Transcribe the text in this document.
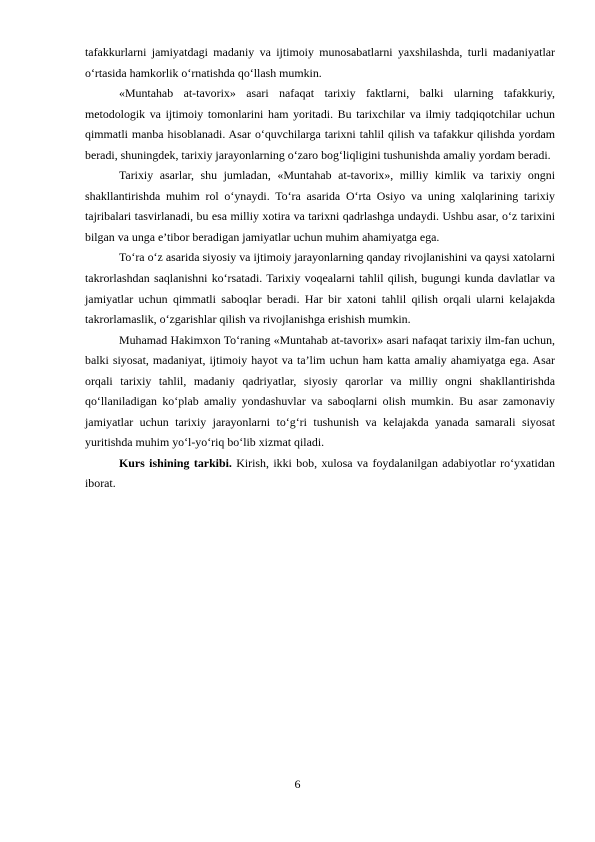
tafakkurlarni jamiyatdagi madaniy va ijtimoiy munosabatlarni yaxshilashda, turli madaniyatlar o‘rtasida hamkorlik o‘rnatishda qo‘llash mumkin.

«Muntahab at-tavorix» asari nafaqat tarixiy faktlarni, balki ularning tafakkuriy, metodologik va ijtimoiy tomonlarini ham yoritadi. Bu tarixchilar va ilmiy tadqiqotchilar uchun qimmatli manba hisoblanadi. Asar o‘quvchilarga tarixni tahlil qilish va tafakkur qilishda yordam beradi, shuningdek, tarixiy jarayonlarning o‘zaro bog‘liqligini tushunishda amaliy yordam beradi.

Tarixiy asarlar, shu jumladan, «Muntahab at-tavorix», milliy kimlik va tarixiy ongni shakllantirishda muhim rol o‘ynaydi. To‘ra asarida O‘rta Osiyo va uning xalqlarining tarixiy tajribalari tasvirlanadi, bu esa milliy xotira va tarixni qadrlashga undaydi. Ushbu asar, o‘z tarixini bilgan va unga e’tibor beradigan jamiyatlar uchun muhim ahamiyatga ega.

To‘ra o‘z asarida siyosiy va ijtimoiy jarayonlarning qanday rivojlanishini va qaysi xatolarni takrorlashdan saqlanishni ko‘rsatadi. Tarixiy voqealarni tahlil qilish, bugungi kunda davlatlar va jamiyatlar uchun qimmatli saboqlar beradi. Har bir xatoni tahlil qilish orqali ularni kelajakda takrorlamaslik, o‘zgarishlar qilish va rivojlanishga erishish mumkin.

Muhamad Hakimxon To‘raning «Muntahab at-tavorix» asari nafaqat tarixiy ilm-fan uchun, balki siyosat, madaniyat, ijtimoiy hayot va ta’lim uchun ham katta amaliy ahamiyatga ega. Asar orqali tarixiy tahlil, madaniy qadriyatlar, siyosiy qarorlar va milliy ongni shakllantirishda qo‘llaniladigan ko‘plab amaliy yondashuvlar va saboqlarni olish mumkin. Bu asar zamonaviy jamiyatlar uchun tarixiy jarayonlarni to‘g‘ri tushunish va kelajakda yanada samarali siyosat yuritishda muhim yo‘l-yo‘riq bo‘lib xizmat qiladi.

Kurs ishining tarkibi. Kirish, ikki bob, xulosa va foydalanilgan adabiyotlar ro‘yxatidan iborat.

6
